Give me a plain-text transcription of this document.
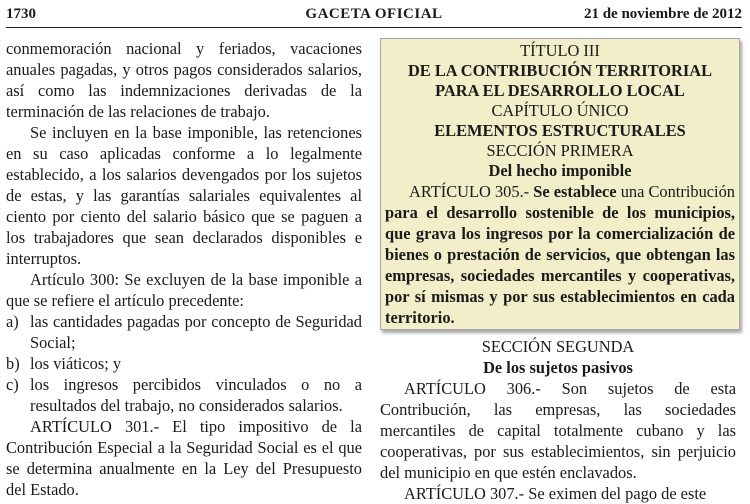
1730	GACETA OFICIAL	21 de noviembre de 2012

conmemoración nacional y feriados, vacaciones anuales pagadas, y otros pagos considerados salarios, así como las indemnizaciones derivadas de la terminación de las relaciones de trabajo.

Se incluyen en la base imponible, las retenciones en su caso aplicadas conforme a lo legalmente establecido, a los salarios devengados por los sujetos de estas, y las garantías salariales equivalentes al ciento por ciento del salario básico que se paguen a los trabajadores que sean declarados disponibles e interruptos.

Artículo 300: Se excluyen de la base imponible a que se refiere el artículo precedente:

a) las cantidades pagadas por concepto de Seguridad Social;
b) los viáticos; y
c) los ingresos percibidos vinculados o no a resultados del trabajo, no considerados salarios.

ARTÍCULO 301.- El tipo impositivo de la Contribución Especial a la Seguridad Social es el que se determina anualmente en la Ley del Presupuesto del Estado.

TÍTULO III
DE LA CONTRIBUCIÓN TERRITORIAL
PARA EL DESARROLLO LOCAL
CAPÍTULO ÚNICO
ELEMENTOS ESTRUCTURALES
SECCIÓN PRIMERA
Del hecho imponible

ARTÍCULO 305.- Se establece una Contribución para el desarrollo sostenible de los municipios, que grava los ingresos por la comercialización de bienes o prestación de servicios, que obtengan las empresas, sociedades mercantiles y cooperativas, por sí mismas y por sus establecimientos en cada territorio.

SECCIÓN SEGUNDA
De los sujetos pasivos

ARTÍCULO 306.- Son sujetos de esta Contribución, las empresas, las sociedades mercantiles de capital totalmente cubano y las cooperativas, por sus establecimientos, sin perjuicio del municipio en que estén enclavados.

ARTÍCULO 307.- Se eximen del pago de este
